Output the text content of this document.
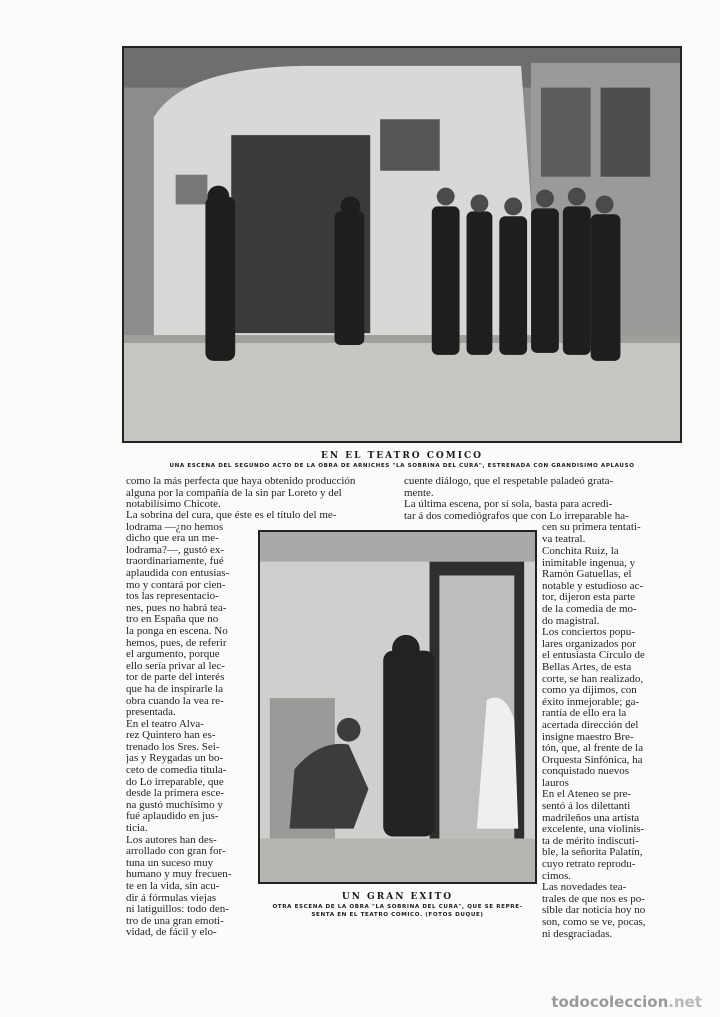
EN EL TEATRO COMICO
UNA ESCENA DEL SEGUNDO ACTO DE LA OBRA DE ARNICHES "LA SOBRINA DEL CURA", ESTRENADA CON GRANDISIMO APLAUSO
como la más perfecta que haya obtenido producción
alguna por la compañía de la sin par Loreto y del
notabilísimo Chicote.
La sobrina del cura, que éste es el título del me-
lodrama —¿no hemos
dicho que era un me-
lodrama?—, gustó ex-
traordinariamente, fué
aplaudida con entusias-
mo y contará por cien-
tos las representacio-
nes, pues no habrá tea-
tro en España que no
la ponga en escena. No
hemos, pues, de referir
el argumento, porque
ello sería privar al lec-
tor de parte del interés
que ha de inspirarle la
obra cuando la vea re-
presentada.
En el teatro Alva-
rez Quintero han es-
trenado los Sres. Sei-
jas y Reygadas un bo-
ceto de comedia titula-
do Lo irreparable, que
desde la primera esce-
na gustó muchísimo y
fué aplaudido en jus-
ticia.
Los autores han des-
arrollado con gran for-
tuna un suceso muy
humano y muy frecuen-
te en la vida, sin acu-
dir á fórmulas viejas
ni latiguillos: todo den-
tro de una gran emoti-
vidad, de fácil y elo-
UN GRAN EXITO
OTRA ESCENA DE LA OBRA "LA SOBRINA DEL CURA", QUE SE REPRE-
SENTA EN EL TEATRO COMICO. (FOTOS DUQUE)
cuente diálogo, que el respetable paladeó grata-
mente.
La última escena, por sí sola, basta para acredi-
tar á dos comediógrafos que con Lo irreparable ha-
cen su primera tentati-
va teatral.
Conchita Ruiz, la
inimitable ingenua, y
Ramón Gatuellas, el
notable y estudioso ac-
tor, dijeron esta parte
de la comedia de mo-
do magistral.
Los conciertos popu-
lares organizados por
el entusiasta Círculo de
Bellas Artes, de esta
corte, se han realizado,
como ya dijimos, con
éxito inmejorable; ga-
rantía de ello era la
acertada dirección del
insigne maestro Bre-
tón, que, al frente de la
Orquesta Sinfónica, ha
conquistado nuevos
lauros
En el Ateneo se pre-
sentó á los dilettanti
madrileños una artista
excelente, una violinis-
ta de mérito indiscuti-
ble, la señorita Palatín,
cuyo retrato reprodu-
cimos.
Las novedades tea-
trales de que nos es po-
sible dar noticia hoy no
son, como se ve, pocas,
ni desgraciadas.
todocoleccion.net
